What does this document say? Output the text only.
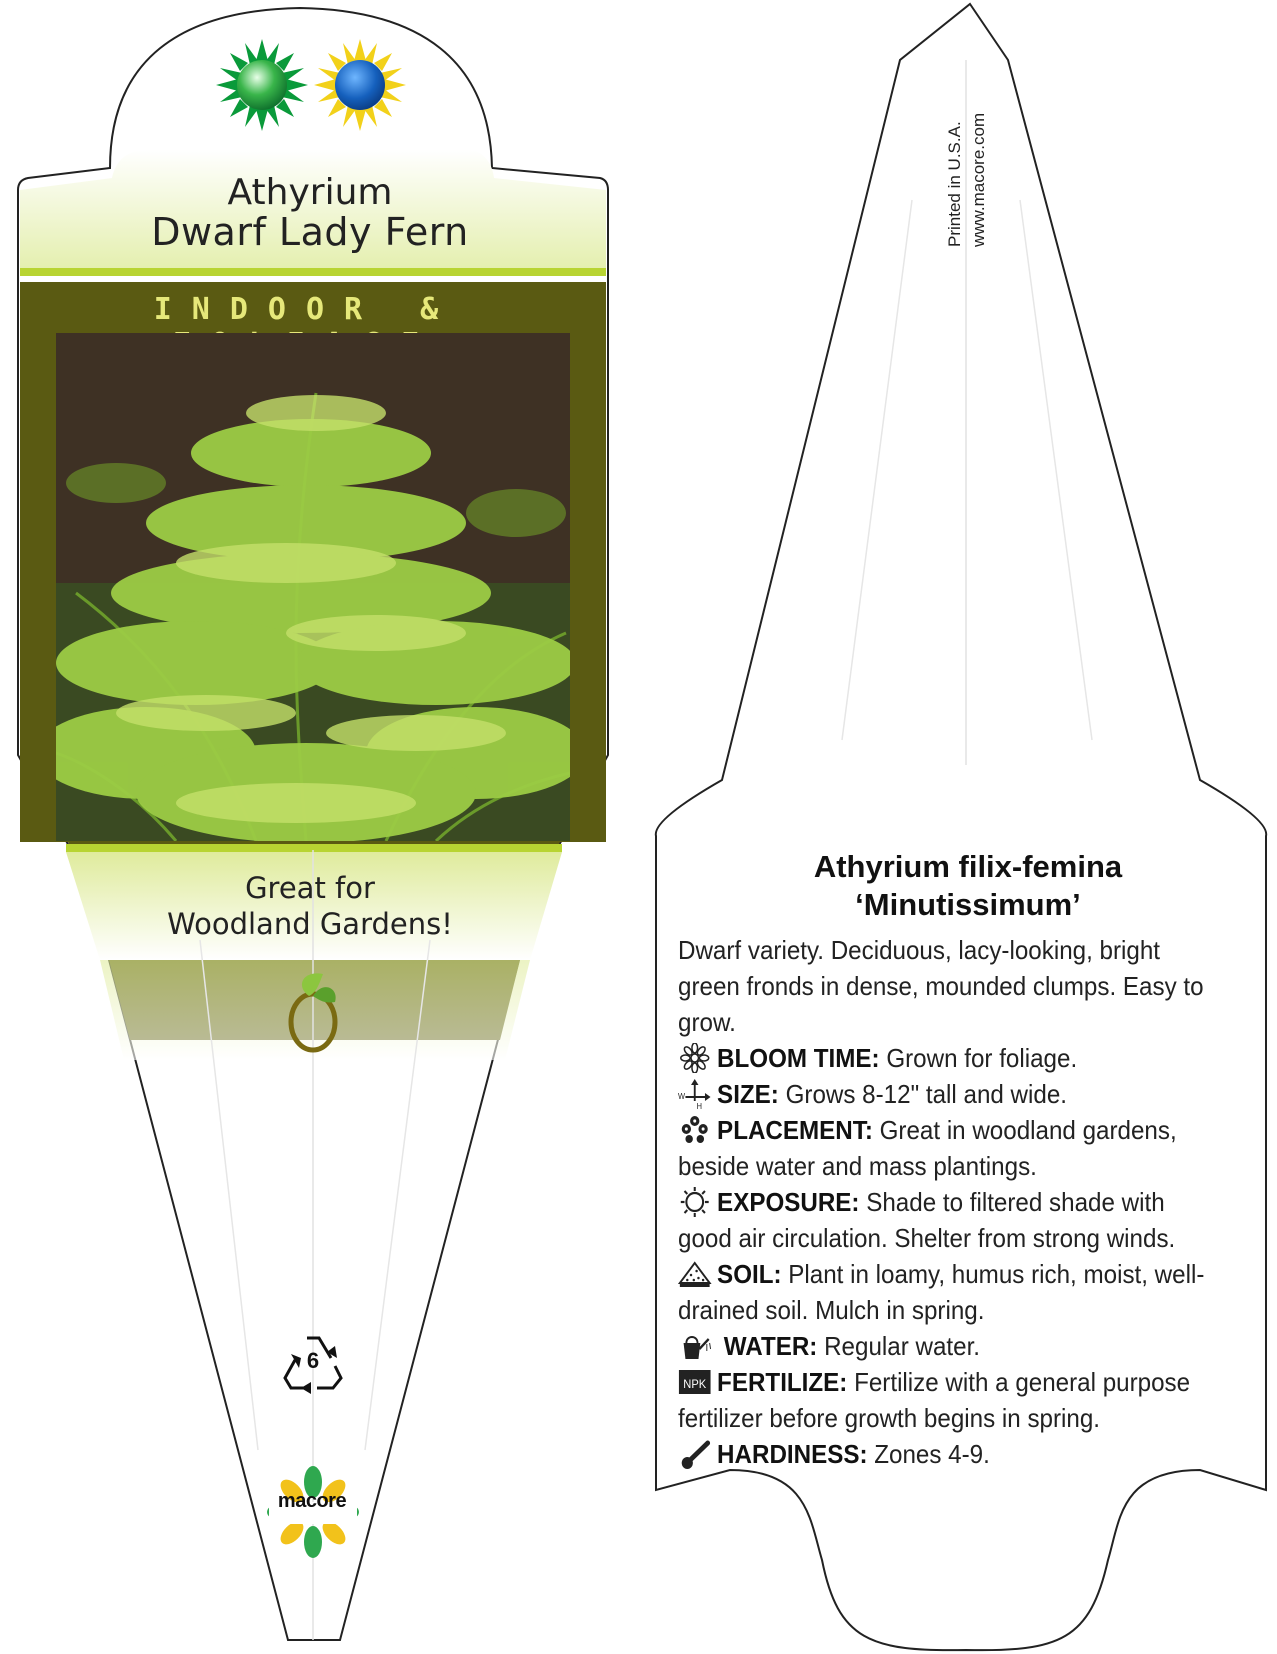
Athyrium
Dwarf Lady Fern
INDOOR &
Great for
Woodland Gardens!
6
macore
Printed in U.S.A. www.macore.com
Athyrium filix-femina
‘Minutissimum’

Dwarf variety. Deciduous, lacy-looking, bright green fronds in dense, mounded clumps. Easy to grow.

BLOOM TIME: Grown for foliage.

W
H SIZE: Grows 8-12" tall and wide.

PLACEMENT: Great in woodland gardens, beside water and mass plantings.

EXPOSURE: Shade to filtered shade with good air circulation. Shelter from strong winds.

SOIL: Plant in loamy, humus rich, moist, well-drained soil. Mulch in spring.

WATER: Regular water.

NPK FERTILIZE: Fertilize with a general purpose fertilizer before growth begins in spring.

HARDINESS: Zones 4-9.
